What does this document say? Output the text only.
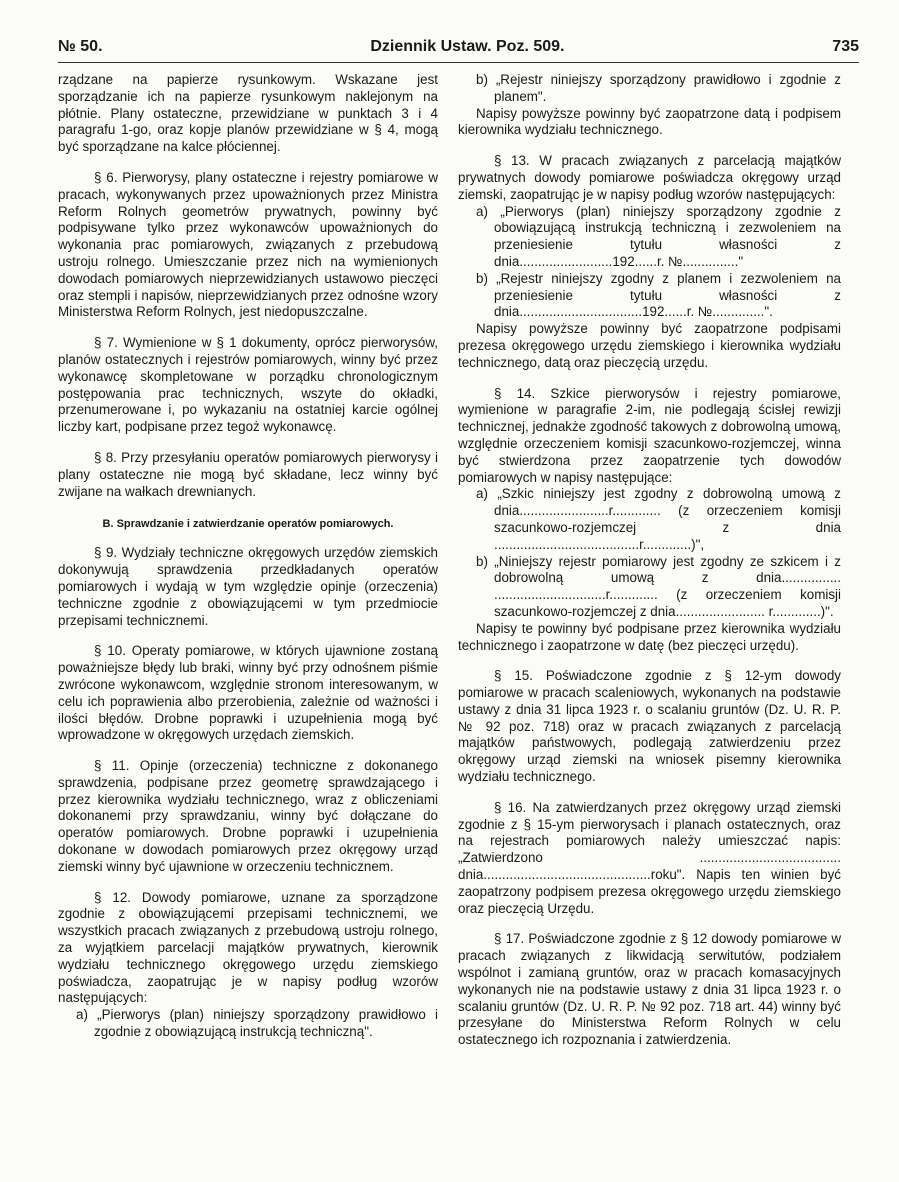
№ 50.	Dziennik Ustaw. Poz. 509.	735

rządzane na papierze rysunkowym. Wskazane jest sporządzanie ich na papierze rysunkowym naklejonym na płótnie. Plany ostateczne, przewidziane w punktach 3 i 4 paragrafu 1-go, oraz kopje planów przewidziane w § 4, mogą być sporządzane na kalce płóciennej.

§ 6. Pierworysy, plany ostateczne i rejestry pomiarowe w pracach, wykonywanych przez upoważnionych przez Ministra Reform Rolnych geometrów prywatnych, powinny być podpisywane tylko przez wykonawców upoważnionych do wykonania prac pomiarowych, związanych z przebudową ustroju rolnego. Umieszczanie przez nich na wymienionych dowodach pomiarowych nieprzewidzianych ustawowo pieczęci oraz stempli i napisów, nieprzewidzianych przez odnośne wzory Ministerstwa Reform Rolnych, jest niedopuszczalne.

§ 7. Wymienione w § 1 dokumenty, oprócz pierworysów, planów ostatecznych i rejestrów pomiarowych, winny być przez wykonawcę skompletowane w porządku chronologicznym postępowania prac technicznych, wszyte do okładki, przenumerowane i, po wykazaniu na ostatniej karcie ogólnej liczby kart, podpisane przez tegoż wykonawcę.

§ 8. Przy przesyłaniu operatów pomiarowych pierworysy i plany ostateczne nie mogą być składane, lecz winny być zwijane na wałkach drewnianych.

B. Sprawdzanie i zatwierdzanie operatów pomiarowych.

§ 9. Wydziały techniczne okręgowych urzędów ziemskich dokonywują sprawdzenia przedkładanych operatów pomiarowych i wydają w tym względzie opinje (orzeczenia) techniczne zgodnie z obowiązującemi w tym przedmiocie przepisami technicznemi.

§ 10. Operaty pomiarowe, w których ujawnione zostaną poważniejsze błędy lub braki, winny być przy odnośnem piśmie zwrócone wykonawcom, względnie stronom interesowanym, w celu ich poprawienia albo przerobienia, zależnie od ważności i ilości błędów. Drobne poprawki i uzupełnienia mogą być wprowadzone w okręgowych urzędach ziemskich.

§ 11. Opinje (orzeczenia) techniczne z dokonanego sprawdzenia, podpisane przez geometrę sprawdzającego i przez kierownika wydziału technicznego, wraz z obliczeniami dokonanemi przy sprawdzaniu, winny być dołączane do operatów pomiarowych. Drobne poprawki i uzupełnienia dokonane w dowodach pomiarowych przez okręgowy urząd ziemski winny być ujawnione w orzeczeniu technicznem.

§ 12. Dowody pomiarowe, uznane za sporządzone zgodnie z obowiązującemi przepisami technicznemi, we wszystkich pracach związanych z przebudową ustroju rolnego, za wyjątkiem parcelacji majątków prywatnych, kierownik wydziału technicznego okręgowego urzędu ziemskiego poświadcza, zaopatrując je w napisy podług wzorów następujących:

a) „Pierworys (plan) niniejszy sporządzony prawidłowo i zgodnie z obowiązującą instrukcją techniczną".

b) „Rejestr niniejszy sporządzony prawidłowo i zgodnie z planem".

Napisy powyższe powinny być zaopatrzone datą i podpisem kierownika wydziału technicznego.

§ 13. W pracach związanych z parcelacją majątków prywatnych dowody pomiarowe poświadcza okręgowy urząd ziemski, zaopatrując je w napisy podług wzorów następujących:

a) „Pierworys (plan) niniejszy sporządzony zgodnie z obowiązującą instrukcją techniczną i zezwoleniem na przeniesienie tytułu własności z dnia.........................192......r. №..............."

b) „Rejestr niniejszy zgodny z planem i zezwoleniem na przeniesienie tytułu własności z dnia.................................192......r. №..............".

Napisy powyższe powinny być zaopatrzone podpisami prezesa okręgowego urzędu ziemskiego i kierownika wydziału technicznego, datą oraz pieczęcią urzędu.

§ 14. Szkice pierworysów i rejestry pomiarowe, wymienione w paragrafie 2-im, nie podlegają ścisłej rewizji technicznej, jednakże zgodność takowych z dobrowolną umową, względnie orzeczeniem komisji szacunkowo-rozjemczej, winna być stwierdzona przez zaopatrzenie tych dowodów pomiarowych w napisy następujące:

a) „Szkic niniejszy jest zgodny z dobrowolną umową z dnia........................r............. (z orzeczeniem komisji szacunkowo-rozjemczej z dnia .......................................r.............)",

b) „Niniejszy rejestr pomiarowy jest zgodny ze szkicem i z dobrowolną umową z dnia................ ..............................r............. (z orzeczeniem komisji szacunkowo-rozjemczej z dnia........................ r.............)".

Napisy te powinny być podpisane przez kierownika wydziału technicznego i zaopatrzone w datę (bez pieczęci urzędu).

§ 15. Poświadczone zgodnie z § 12-ym dowody pomiarowe w pracach scaleniowych, wykonanych na podstawie ustawy z dnia 31 lipca 1923 r. o scalaniu gruntów (Dz. U. R. P. № 92 poz. 718) oraz w pracach związanych z parcelacją majątków państwowych, podlegają zatwierdzeniu przez okręgowy urząd ziemski na wniosek pisemny kierownika wydziału technicznego.

§ 16. Na zatwierdzanych przez okręgowy urząd ziemski zgodnie z § 15-ym pierworysach i planach ostatecznych, oraz na rejestrach pomiarowych należy umieszczać napis: „Zatwierdzono ...................................... dnia.............................................roku". Napis ten winien być zaopatrzony podpisem prezesa okręgowego urzędu ziemskiego oraz pieczęcią Urzędu.

§ 17. Poświadczone zgodnie z § 12 dowody pomiarowe w pracach związanych z likwidacją serwitutów, podziałem wspólnot i zamianą gruntów, oraz w pracach komasacyjnych wykonanych nie na podstawie ustawy z dnia 31 lipca 1923 r. o scalaniu gruntów (Dz. U. R. P. № 92 poz. 718 art. 44) winny być przesyłane do Ministerstwa Reform Rolnych w celu ostatecznego ich rozpoznania i zatwierdzenia.
